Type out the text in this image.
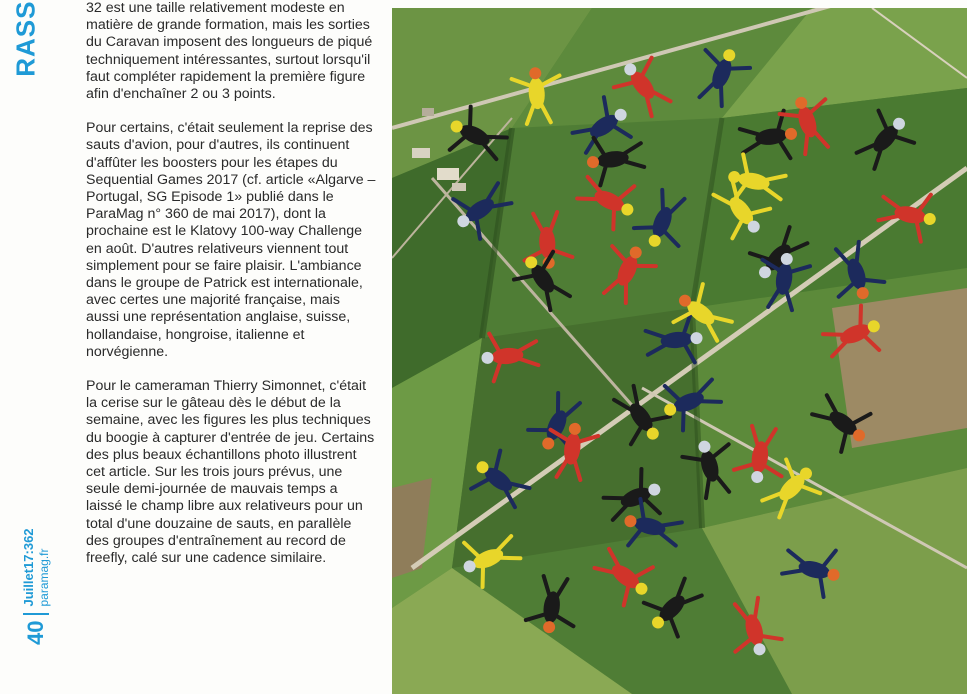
RASS	32 est une taille relativement modeste en matière de grande formation, mais les sorties du Caravan imposent des longueurs de piqué techniquement intéressantes, surtout lorsqu'il faut compléter rapidement la première figure afin d'enchaîner 2 ou 3 points.

Pour certains, c'était seulement la reprise des sauts d'avion, pour d'autres, ils continuent d'affûter les boosters pour les étapes du Sequential Games 2017 (cf. article «Algarve – Portugal, SG Episode 1» publié dans le ParaMag n° 360 de mai 2017), dont la prochaine est le Klatovy 100-way Challenge en août. D'autres relativeurs viennent tout simplement pour se faire plaisir. L'ambiance dans le groupe de Patrick est internationale, avec certes une majorité française, mais aussi une représentation anglaise, suisse, hollandaise, hongroise, italienne et norvégienne.

Pour le cameraman Thierry Simonnet, c'était la cerise sur le gâteau dès le début de la semaine, avec les figures les plus techniques du boogie à capturer d'entrée de jeu. Certains des plus beaux échantillons photo illustrent cet article. Sur les trois jours prévus, une seule demi-journée de mauvais temps a laissé le champ libre aux relativeurs pour un total d'une douzaine de sauts, en parallèle des groupes d'entraînement au record de freefly, calé sur une cadence similaire.

40
Juillet17:362 paramag.fr
